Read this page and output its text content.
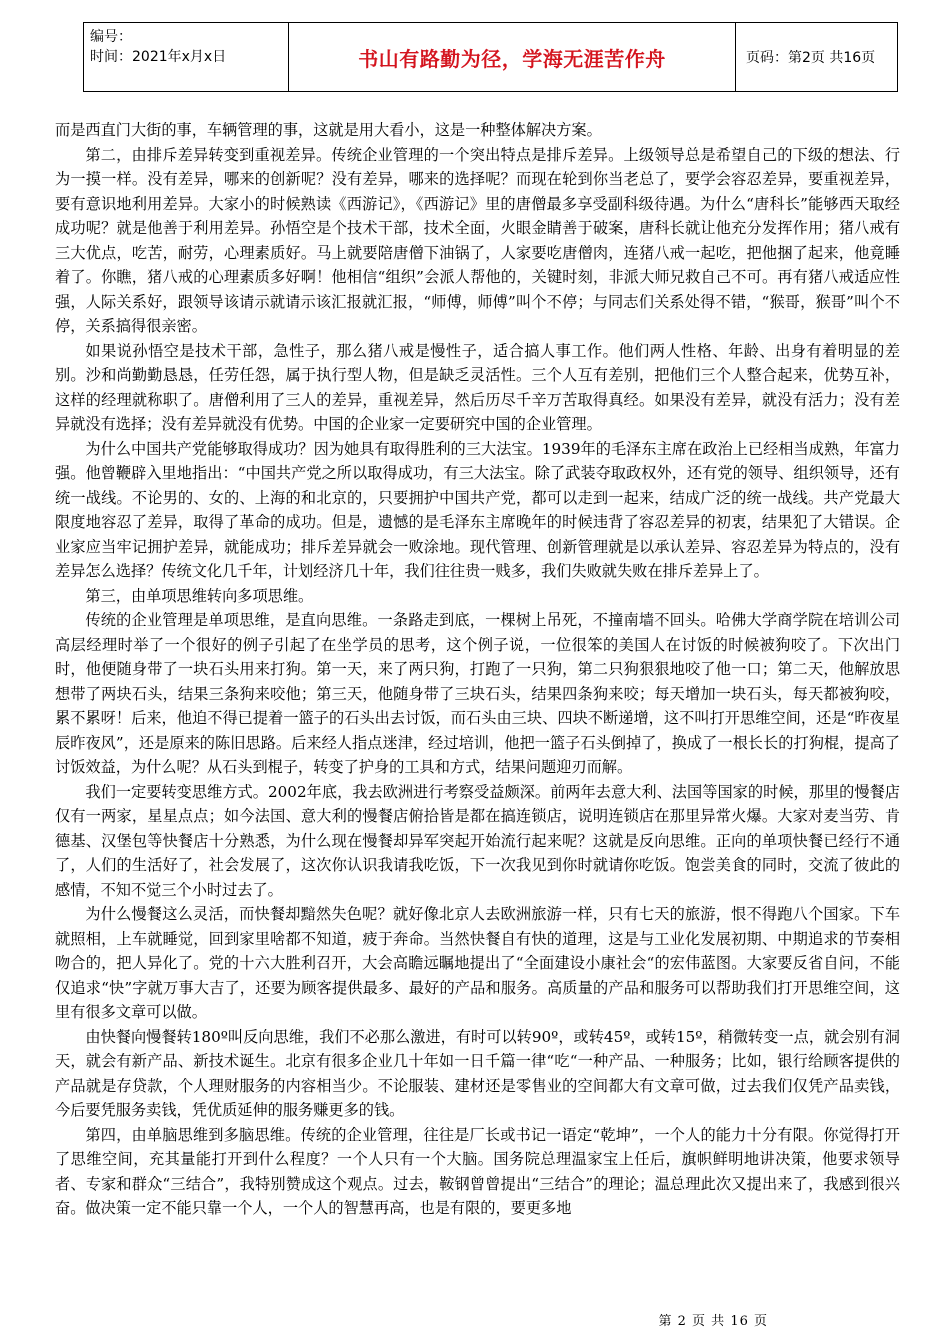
编号：
时间：2021年x月x日	书山有路勤为径，学海无涯苦作舟	页码：第2页 共16页

而是西直门大街的事，车辆管理的事，这就是用大看小，这是一种整体解决方案。

第二，由排斥差异转变到重视差异。传统企业管理的一个突出特点是排斥差异。上级领导总是希望自己的下级的想法、行为一摸一样。没有差异，哪来的创新呢？没有差异，哪来的选择呢？而现在轮到你当老总了，要学会容忍差异，要重视差异，要有意识地利用差异。大家小的时候熟读《西游记》，《西游记》里的唐僧最多享受副科级待遇。为什么“唐科长”能够西天取经成功呢？就是他善于利用差异。孙悟空是个技术干部，技术全面，火眼金睛善于破案，唐科长就让他充分发挥作用；猪八戒有三大优点，吃苦，耐劳，心理素质好。马上就要陪唐僧下油锅了，人家要吃唐僧肉，连猪八戒一起吃，把他捆了起来，他竟睡着了。你瞧，猪八戒的心理素质多好啊！他相信“组织”会派人帮他的，关键时刻，非派大师兄救自己不可。再有猪八戒适应性强，人际关系好，跟领导该请示就请示该汇报就汇报，“师傅，师傅”叫个不停；与同志们关系处得不错，“猴哥，猴哥”叫个不停，关系搞得很亲密。

如果说孙悟空是技术干部，急性子，那么猪八戒是慢性子，适合搞人事工作。他们两人性格、年龄、出身有着明显的差别。沙和尚勤勤恳恳，任劳任怨，属于执行型人物，但是缺乏灵活性。三个人互有差别，把他们三个人整合起来，优势互补，这样的经理就称职了。唐僧利用了三人的差异，重视差异，然后历尽千辛万苦取得真经。如果没有差异，就没有活力；没有差异就没有选择；没有差异就没有优势。中国的企业家一定要研究中国的企业管理。

为什么中国共产党能够取得成功？因为她具有取得胜利的三大法宝。1939年的毛泽东主席在政治上已经相当成熟，年富力强。他曾鞭辟入里地指出：“中国共产党之所以取得成功，有三大法宝。除了武装夺取政权外，还有党的领导、组织领导，还有统一战线。不论男的、女的、上海的和北京的，只要拥护中国共产党，都可以走到一起来，结成广泛的统一战线。共产党最大限度地容忍了差异，取得了革命的成功。但是，遗憾的是毛泽东主席晚年的时候违背了容忍差异的初衷，结果犯了大错误。企业家应当牢记拥护差异，就能成功；排斥差异就会一败涂地。现代管理、创新管理就是以承认差异、容忍差异为特点的，没有差异怎么选择？传统文化几千年，计划经济几十年，我们往往贵一贱多，我们失败就失败在排斥差异上了。

第三，由单项思维转向多项思维。

传统的企业管理是单项思维，是直向思维。一条路走到底，一棵树上吊死，不撞南墙不回头。哈佛大学商学院在培训公司高层经理时举了一个很好的例子引起了在坐学员的思考，这个例子说，一位很笨的美国人在讨饭的时候被狗咬了。下次出门时，他便随身带了一块石头用来打狗。第一天，来了两只狗，打跑了一只狗，第二只狗狠狠地咬了他一口；第二天，他解放思想带了两块石头，结果三条狗来咬他；第三天，他随身带了三块石头，结果四条狗来咬；每天增加一块石头，每天都被狗咬，累不累呀！后来，他迫不得已提着一篮子的石头出去讨饭，而石头由三块、四块不断递增，这不叫打开思维空间，还是“昨夜星辰昨夜风”，还是原来的陈旧思路。后来经人指点迷津，经过培训，他把一篮子石头倒掉了，换成了一根长长的打狗棍，提高了讨饭效益，为什么呢？从石头到棍子，转变了护身的工具和方式，结果问题迎刃而解。

我们一定要转变思维方式。2002年底，我去欧洲进行考察受益颇深。前两年去意大利、法国等国家的时候，那里的慢餐店仅有一两家，星星点点；如今法国、意大利的慢餐店俯拾皆是都在搞连锁店，说明连锁店在那里异常火爆。大家对麦当劳、肯德基、汉堡包等快餐店十分熟悉，为什么现在慢餐却异军突起开始流行起来呢？这就是反向思维。正向的单项快餐已经行不通了，人们的生活好了，社会发展了，这次你认识我请我吃饭，下一次我见到你时就请你吃饭。饱尝美食的同时，交流了彼此的感情，不知不觉三个小时过去了。

为什么慢餐这么灵活，而快餐却黯然失色呢？就好像北京人去欧洲旅游一样，只有七天的旅游，恨不得跑八个国家。下车就照相，上车就睡觉，回到家里啥都不知道，疲于奔命。当然快餐自有快的道理，这是与工业化发展初期、中期追求的节奏相吻合的，把人异化了。党的十六大胜利召开，大会高瞻远瞩地提出了“全面建设小康社会“的宏伟蓝图。大家要反省自问，不能仅追求“快”字就万事大吉了，还要为顾客提供最多、最好的产品和服务。高质量的产品和服务可以帮助我们打开思维空间，这里有很多文章可以做。

由快餐向慢餐转180º叫反向思维，我们不必那么激进，有时可以转90º，或转45º，或转15º，稍微转变一点，就会别有洞天，就会有新产品、新技术诞生。北京有很多企业几十年如一日千篇一律“吃“一种产品、一种服务；比如，银行给顾客提供的产品就是存贷款，个人理财服务的内容相当少。不论服装、建材还是零售业的空间都大有文章可做，过去我们仅凭产品卖钱，今后要凭服务卖钱，凭优质延伸的服务赚更多的钱。

第四，由单脑思维到多脑思维。传统的企业管理，往往是厂长或书记一语定“乾坤”，一个人的能力十分有限。你觉得打开了思维空间，充其量能打开到什么程度？一个人只有一个大脑。国务院总理温家宝上任后，旗帜鲜明地讲决策，他要求领导者、专家和群众“三结合”，我特别赞成这个观点。过去，鞍钢曾曾提出“三结合”的理论；温总理此次又提出来了，我感到很兴奋。做决策一定不能只靠一个人，一个人的智慧再高，也是有限的，要更多地

第 2 页 共 16 页
